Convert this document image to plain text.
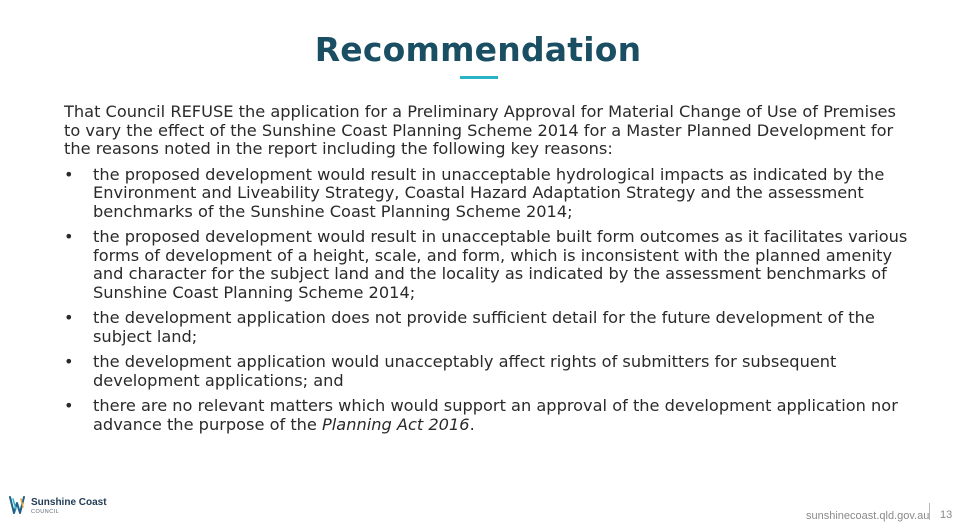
Recommendation

That Council REFUSE the application for a Preliminary Approval for Material Change of Use of Premises to vary the effect of the Sunshine Coast Planning Scheme 2014 for a Master Planned Development for the reasons noted in the report including the following key reasons:

• the proposed development would result in unacceptable hydrological impacts as indicated by the Environment and Liveability Strategy, Coastal Hazard Adaptation Strategy and the assessment benchmarks of the Sunshine Coast Planning Scheme 2014;
• the proposed development would result in unacceptable built form outcomes as it facilitates various forms of development of a height, scale, and form, which is inconsistent with the planned amenity and character for the subject land and the locality as indicated by the assessment benchmarks of Sunshine Coast Planning Scheme 2014;
• the development application does not provide sufficient detail for the future development of the subject land;
• the development application would unacceptably affect rights of submitters for subsequent development applications; and
• there are no relevant matters which would support an approval of the development application nor advance the purpose of the Planning Act 2016.
Sunshine Coast
COUNCIL	sunshinecoast.qld.gov.au 13
